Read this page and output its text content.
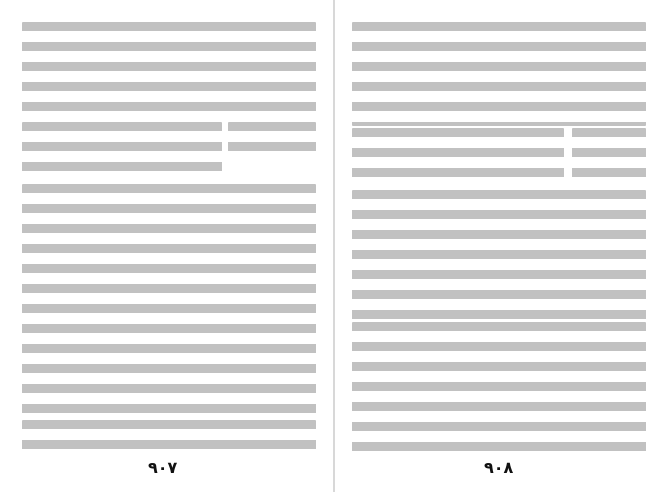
٩٠٧	٩٠٨
